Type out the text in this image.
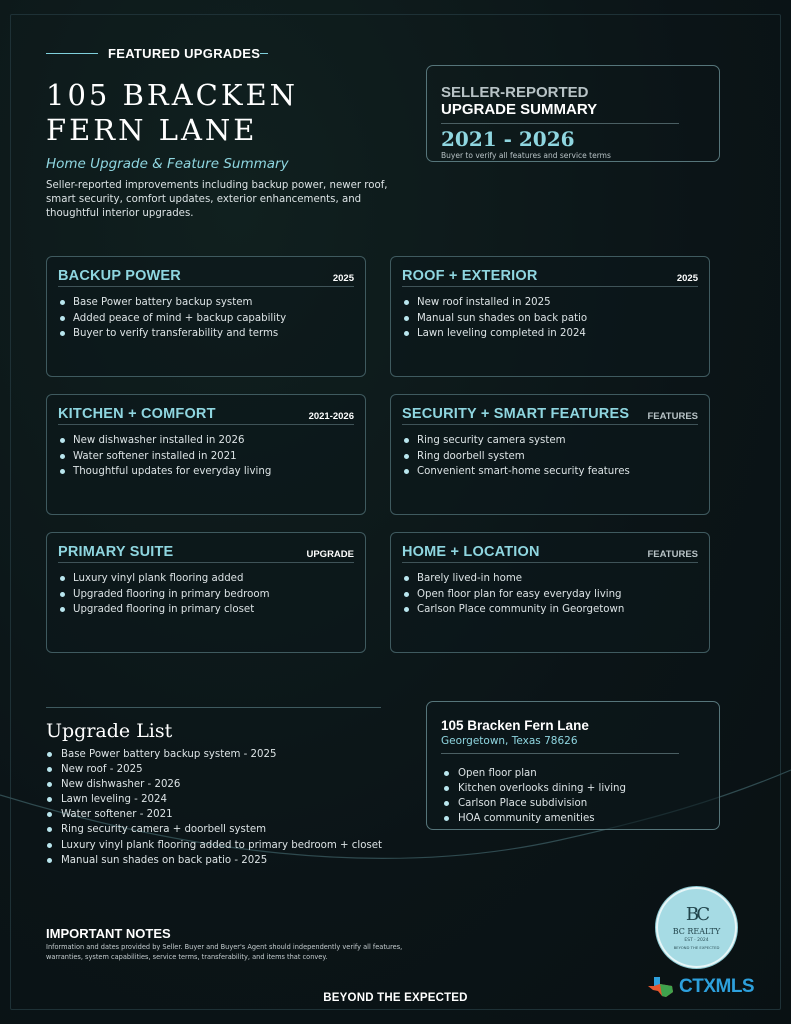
FEATURED UPGRADES
105 BRACKEN FERN LANE
Home Upgrade & Feature Summary
Seller-reported improvements including backup power, newer roof, smart security, comfort updates, exterior enhancements, and thoughtful interior upgrades.
SELLER-REPORTED
UPGRADE SUMMARY
2021 - 2026
Buyer to verify all features and service terms
BACKUP POWER	2025
Base Power battery backup system
Added peace of mind + backup capability
Buyer to verify transferability and terms
ROOF + EXTERIOR	2025
New roof installed in 2025
Manual sun shades on back patio
Lawn leveling completed in 2024
KITCHEN + COMFORT	2021-2026
New dishwasher installed in 2026
Water softener installed in 2021
Thoughtful updates for everyday living
SECURITY + SMART FEATURES FEATURES
Ring security camera system
Ring doorbell system
Convenient smart-home security features
PRIMARY SUITE	UPGRADE
Luxury vinyl plank flooring added
Upgraded flooring in primary bedroom
Upgraded flooring in primary closet
HOME + LOCATION	FEATURES
Barely lived-in home
Open floor plan for easy everyday living
Carlson Place community in Georgetown
Upgrade List
Base Power battery backup system - 2025
New roof - 2025
New dishwasher - 2026
Lawn leveling - 2024
Water softener - 2021
Ring security camera + doorbell system
Luxury vinyl plank flooring added to primary bedroom + closet
Manual sun shades on back patio - 2025
105 Bracken Fern Lane
Georgetown, Texas 78626
Open floor plan
Kitchen overlooks dining + living
Carlson Place subdivision
HOA community amenities
IMPORTANT NOTES
Information and dates provided by Seller. Buyer and Buyer's Agent should independently verify all features, warranties, system capabilities, service terms, transferability, and items that convey.
BC
BC REALTY
EST · 2024
BEYOND THE EXPECTED
CTXMLS
BEYOND THE EXPECTED
